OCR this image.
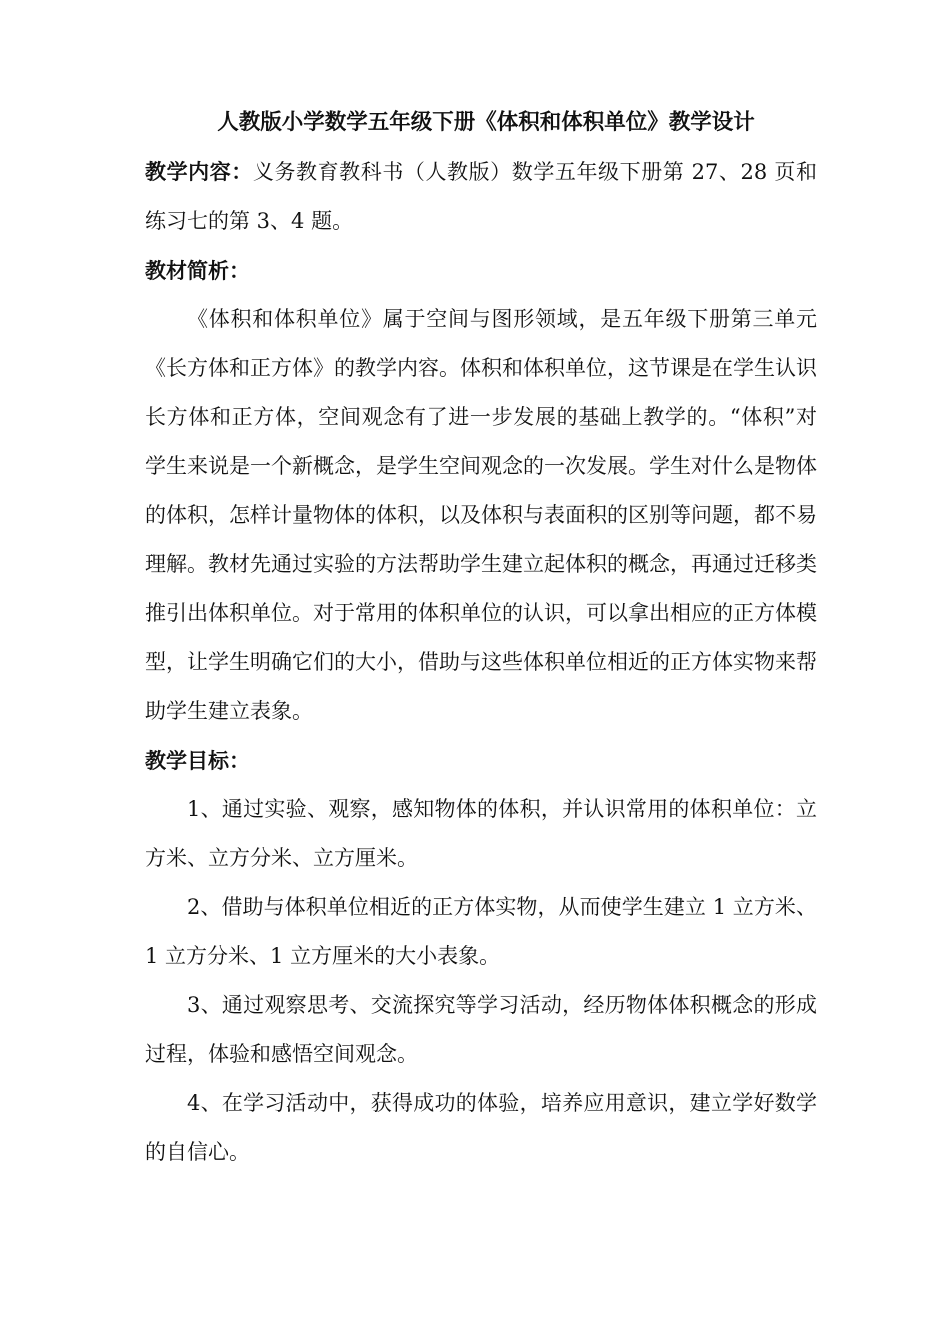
人教版小学数学五年级下册《体积和体积单位》教学设计

教学内容：义务教育教科书（人教版）数学五年级下册第 27、28 页和练习七的第 3、4 题。

教材简析：

《体积和体积单位》属于空间与图形领域，是五年级下册第三单元《长方体和正方体》的教学内容。体积和体积单位，这节课是在学生认识长方体和正方体，空间观念有了进一步发展的基础上教学的。“体积”对学生来说是一个新概念，是学生空间观念的一次发展。学生对什么是物体的体积，怎样计量物体的体积，以及体积与表面积的区别等问题，都不易理解。教材先通过实验的方法帮助学生建立起体积的概念，再通过迁移类推引出体积单位。对于常用的体积单位的认识，可以拿出相应的正方体模型，让学生明确它们的大小，借助与这些体积单位相近的正方体实物来帮助学生建立表象。

教学目标：

1、通过实验、观察，感知物体的体积，并认识常用的体积单位：立方米、立方分米、立方厘米。

2、借助与体积单位相近的正方体实物，从而使学生建立 1 立方米、1 立方分米、1 立方厘米的大小表象。

3、通过观察思考、交流探究等学习活动，经历物体体积概念的形成过程，体验和感悟空间观念。

4、在学习活动中，获得成功的体验，培养应用意识，建立学好数学的自信心。
